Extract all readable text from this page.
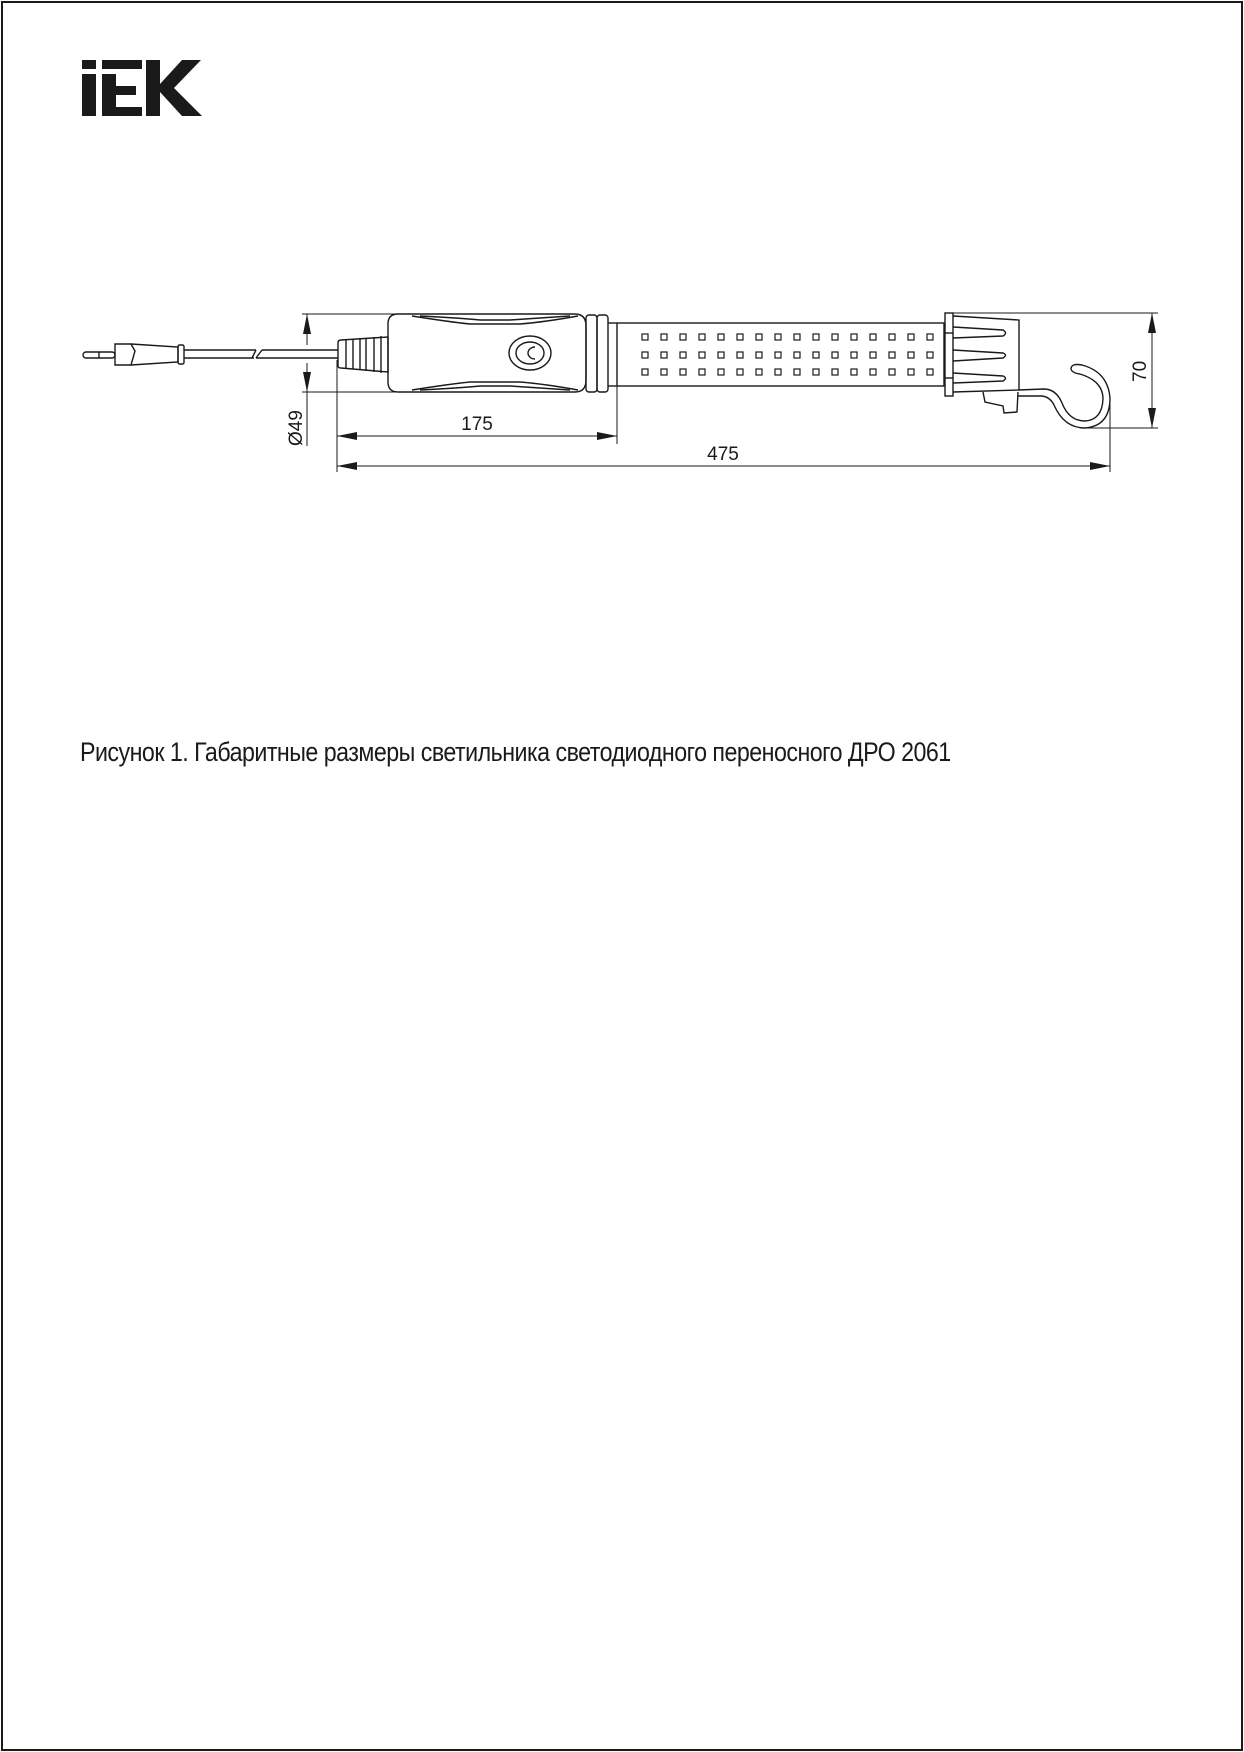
Ø49	175
475
70
Рисунок 1. Габаритные размеры светильника светодиодного переносного ДРО 2061
